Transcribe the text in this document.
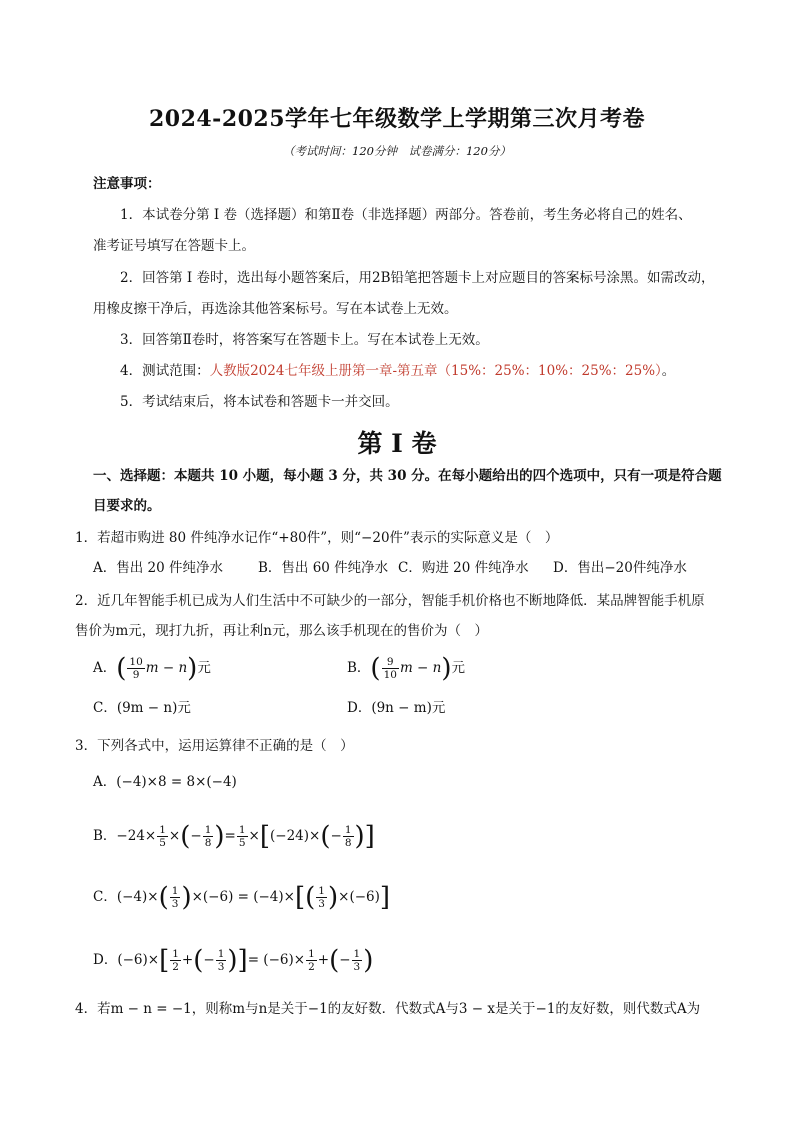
2024-2025学年七年级数学上学期第三次月考卷
（考试时间：120分钟　试卷满分：120分）
注意事项：
1．本试卷分第 Ⅰ 卷（选择题）和第Ⅱ卷（非选择题）两部分。答卷前，考生务必将自己的姓名、
准考证号填写在答题卡上。
2．回答第 Ⅰ 卷时，选出每小题答案后，用2B铅笔把答题卡上对应题目的答案标号涂黑。如需改动，
用橡皮擦干净后，再选涂其他答案标号。写在本试卷上无效。
3．回答第Ⅱ卷时，将答案写在答题卡上。写在本试卷上无效。
4．测试范围：人教版2024七年级上册第一章-第五章（15%：25%：10%：25%：25%）。
5．考试结束后，将本试卷和答题卡一并交回。
第 I 卷
一、选择题：本题共 10 小题，每小题 3 分，共 30 分。在每小题给出的四个选项中，只有一项是符合题
目要求的。
1．若超市购进 80 件纯净水记作“+80件”，则“−20件”表示的实际意义是（　）
A．售出 20 件纯净水	B．售出 60 件纯净水 C．购进 20 件纯净水 D．售出−20件纯净水
2．近几年智能手机已成为人们生活中不可缺少的一部分，智能手机价格也不断地降低．某品牌智能手机原
售价为m元，现打九折，再让利n元，那么该手机现在的售价为（　）
A．( $\frac{10}{9}$ m − n)元	B．( $\frac{9}{10}$ m − n)元
C．(9m − n)元	D．(9n − m)元
3．下列各式中，运用运算律不正确的是（　）
A．(−4)×8 = 8×(−4)
B．$-24\times \frac{1}{5}$ ×(− $\frac{1}{8}$ )= $\frac{1}{5} \times[(-24)\times(- \frac{1}{8}$ )]
C．$(-4)\times( \frac{1}{3} )\times(-6) = (-4)\times[( \frac{1}{3} )\times(-6)]$
D．$(-6)\times[ \frac{1}{2}$ +(− $\frac{1}{3}$ )]= $(-6)\times \frac{1}{2}$ +(− $\frac{1}{3}$ )
4．若m − n = −1，则称m与n是关于−1的友好数．代数式A与3 − x是关于−1的友好数，则代数式A为
